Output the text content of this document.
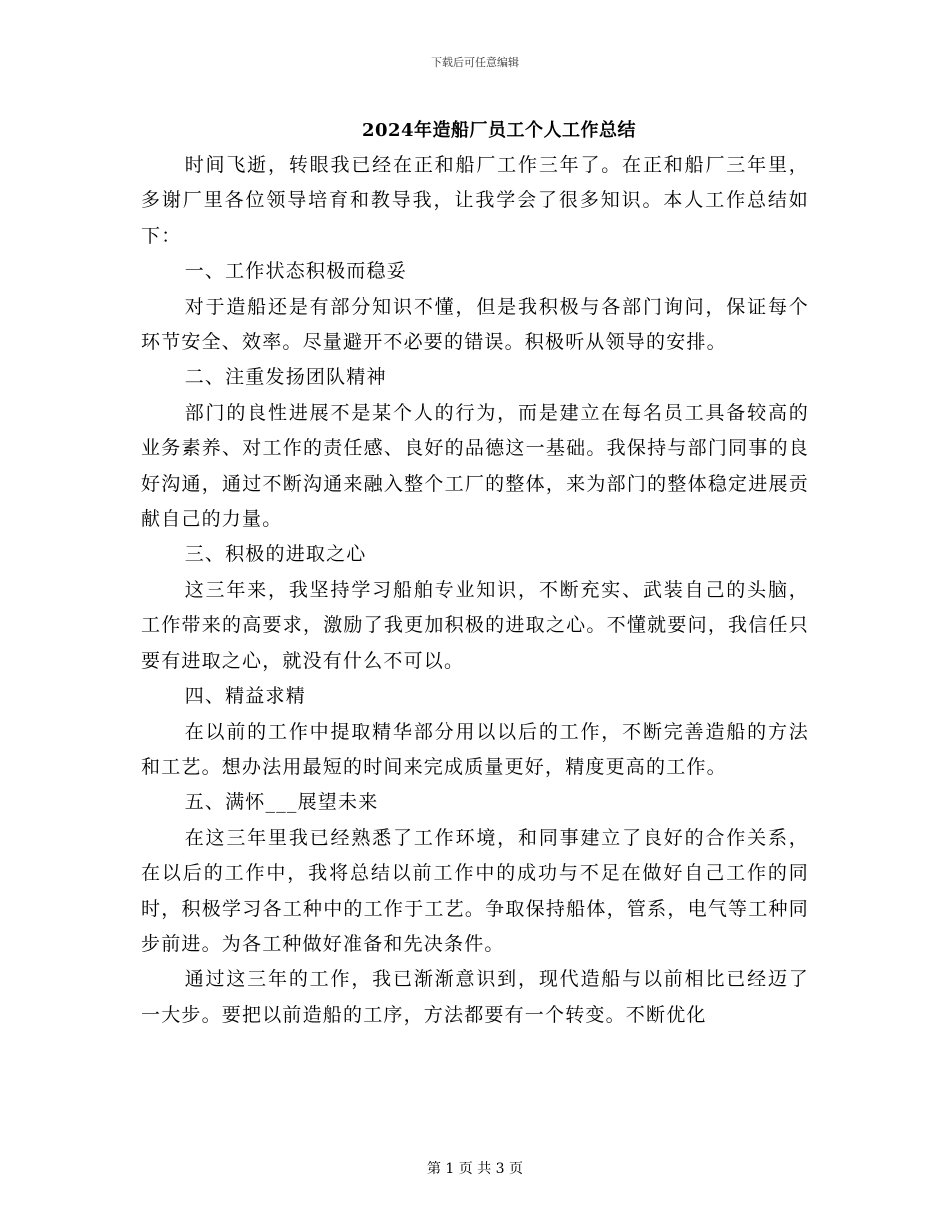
下载后可任意编辑
2024年造船厂员工个人工作总结

时间飞逝，转眼我已经在正和船厂工作三年了。在正和船厂三年里，多谢厂里各位领导培育和教导我，让我学会了很多知识。本人工作总结如下：

一、工作状态积极而稳妥

对于造船还是有部分知识不懂，但是我积极与各部门询问，保证每个环节安全、效率。尽量避开不必要的错误。积极听从领导的安排。

二、注重发扬团队精神

部门的良性进展不是某个人的行为，而是建立在每名员工具备较高的业务素养、对工作的责任感、良好的品德这一基础。我保持与部门同事的良好沟通，通过不断沟通来融入整个工厂的整体，来为部门的整体稳定进展贡献自己的力量。

三、积极的进取之心

这三年来，我坚持学习船舶专业知识，不断充实、武装自己的头脑，工作带来的高要求，激励了我更加积极的进取之心。不懂就要问，我信任只要有进取之心，就没有什么不可以。

四、精益求精

在以前的工作中提取精华部分用以以后的工作，不断完善造船的方法和工艺。想办法用最短的时间来完成质量更好，精度更高的工作。

五、满怀___展望未来

在这三年里我已经熟悉了工作环境，和同事建立了良好的合作关系，在以后的工作中，我将总结以前工作中的成功与不足在做好自己工作的同时，积极学习各工种中的工作于工艺。争取保持船体，管系，电气等工种同步前进。为各工种做好准备和先决条件。

通过这三年的工作，我已渐渐意识到，现代造船与以前相比已经迈了一大步。要把以前造船的工序，方法都要有一个转变。不断优化

第 1 页 共 3 页
